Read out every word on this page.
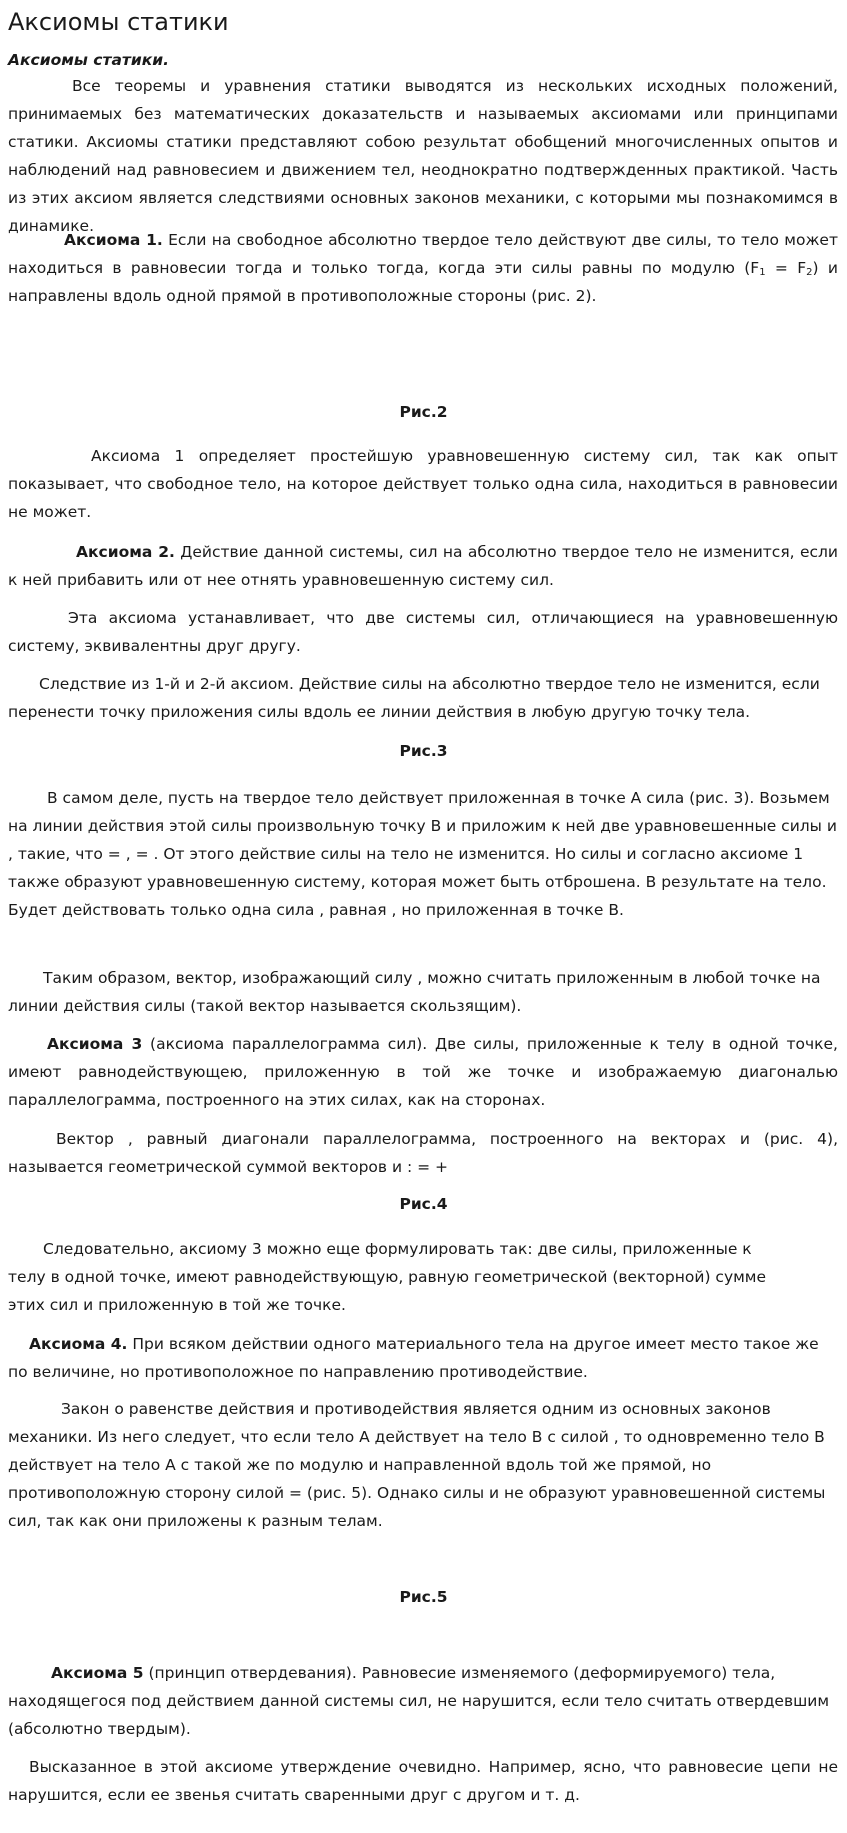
Аксиомы статики
Аксиомы статики.

Все теоремы и уравнения статики выводятся из нескольких исходных положений, принимаемых без математических доказательств и называемых аксиомами или принципами статики. Аксиомы статики представляют собою результат обобщений многочисленных опытов и наблюдений над равновесием и движением тел, неоднократно подтвержденных практикой. Часть из этих аксиом является следствиями основных законов механики, с которыми мы познакомимся в динамике.

Аксиома 1. Если на свободное абсолютно твердое тело действуют две силы, то тело может находиться в равновесии тогда и только тогда, когда эти силы равны по модулю $(F_1 = F_2)$ и направлены вдоль одной прямой в противоположные стороны (рис. 2).

Рис.2

Аксиома 1 определяет простейшую уравновешенную систему сил, так как опыт показывает, что свободное тело, на которое действует только одна сила, находиться в равновесии не может.

Аксиома 2. Действие данной системы, сил на абсолютно твердое тело не изменится, если к ней прибавить или от нее отнять уравновешенную систему сил.

Эта аксиома устанавливает, что две системы сил, отличающиеся на уравновешенную систему, эквивалентны друг другу.

Следствие из 1-й и 2-й аксиом. Действие силы на абсолютно твердое тело не изменится, если перенести точку приложения силы вдоль ее линии действия в любую другую точку тела.

Рис.3

В самом деле, пусть на твердое тело действует приложенная в точке А сила (рис. 3). Возьмем на линии действия этой силы произвольную точку В и приложим к ней две уравновешенные силы и , такие, что = , = . От этого действие силы на тело не изменится. Но силы и согласно аксиоме 1 также образуют уравновешенную систему, которая может быть отброшена. В результате на тело. Будет действовать только одна сила , равная , но приложенная в точке В.

Таким образом, вектор, изображающий силу , можно считать приложенным в любой точке на линии действия силы (такой вектор называется скользящим).

Аксиома 3 (аксиома параллелограмма сил). Две силы, приложенные к телу в одной точке, имеют равнодействующею, приложенную в той же точке и изображаемую диагональю параллелограмма, построенного на этих силах, как на сторонах.

Вектор , равный диагонали параллелограмма, построенного на векторах и (рис. 4), называется геометрической суммой векторов и : = +

Рис.4

Следовательно, аксиому 3 можно еще формулировать так: две силы, приложенные к телу в одной точке, имеют равнодействующую, равную геометрической (векторной) сумме этих сил и приложенную в той же точке.

Аксиома 4. При всяком действии одного материального тела на другое имеет место такое же по величине, но противоположное по направлению противодействие.

Закон о равенстве действия и противодействия является одним из основных законов механики. Из него следует, что если тело А действует на тело В с силой , то одновременно тело В действует на тело А с такой же по модулю и направленной вдоль той же прямой, но противоположную сторону силой = (рис. 5). Однако силы и не образуют уравновешенной системы сил, так как они приложены к разным телам.

Рис.5

Аксиома 5 (принцип отвердевания). Равновесие изменяемого (деформируемого) тела, находящегося под действием данной системы сил, не нарушится, если тело считать отвердевшим (абсолютно твердым).

Высказанное в этой аксиоме утверждение очевидно. Например, ясно, что равновесие цепи не нарушится, если ее звенья считать сваренными друг с другом и т. д.
